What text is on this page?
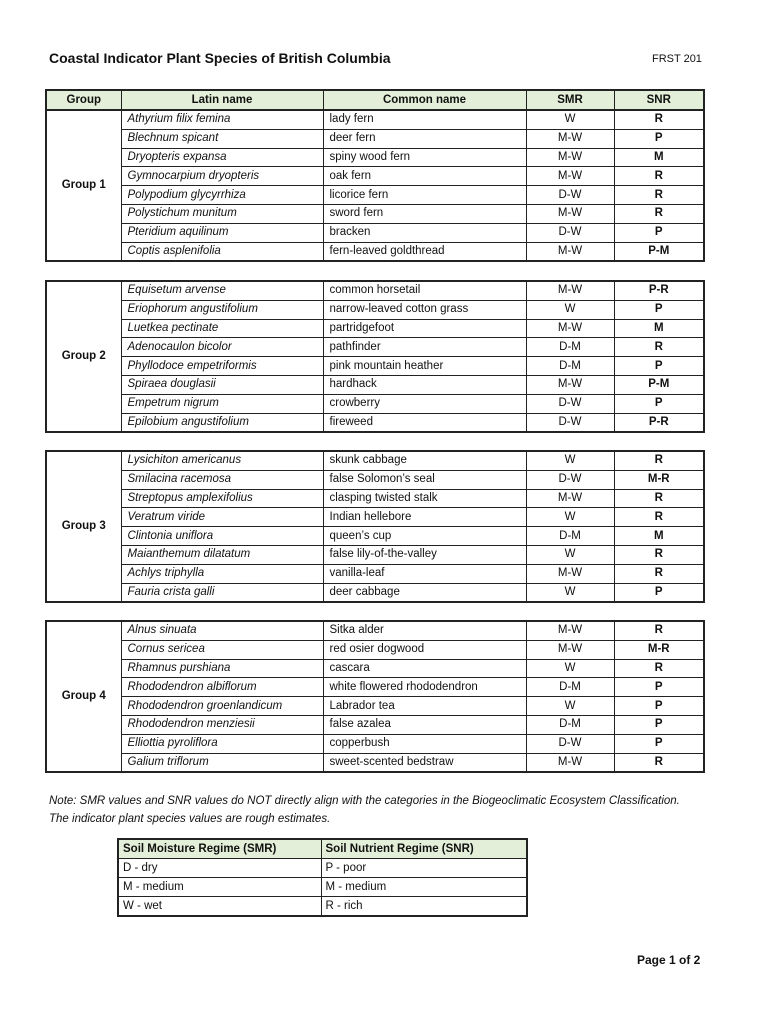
Coastal Indicator Plant Species of British Columbia	FRST 201
Group	Latin name	Common name	SMR	SNR
Group 1	Athyrium filix femina	lady fern	W	R
	Blechnum spicant	deer fern	M-W	P
	Dryopteris expansa	spiny wood fern	M-W	M
	Gymnocarpium dryopteris	oak fern	M-W	R
	Polypodium glycyrrhiza	licorice fern	D-W	R
	Polystichum munitum	sword fern	M-W	R
	Pteridium aquilinum	bracken	D-W	P
	Coptis asplenifolia	fern-leaved goldthread	M-W	P-M
Group 2	Equisetum arvense	common horsetail	M-W	P-R
	Eriophorum angustifolium	narrow-leaved cotton grass	W	P
	Luetkea pectinate	partridgefoot	M-W	M
	Adenocaulon bicolor	pathfinder	D-M	R
	Phyllodoce empetriformis	pink mountain heather	D-M	P
	Spiraea douglasii	hardhack	M-W	P-M
	Empetrum nigrum	crowberry	D-W	P
	Epilobium angustifolium	fireweed	D-W	P-R
Group 3	Lysichiton americanus	skunk cabbage	W	R
	Smilacina racemosa	false Solomon’s seal	D-W	M-R
	Streptopus amplexifolius	clasping twisted stalk	M-W	R
	Veratrum viride	Indian hellebore	W	R
	Clintonia uniflora	queen’s cup	D-M	M
	Maianthemum dilatatum	false lily-of-the-valley	W	R
	Achlys triphylla	vanilla-leaf	M-W	R
	Fauria crista galli	deer cabbage	W	P
Group 4	Alnus sinuata	Sitka alder	M-W	R
	Cornus sericea	red osier dogwood	M-W	M-R
	Rhamnus purshiana	cascara	W	R
	Rhododendron albiflorum	white flowered rhododendron	D-M	P
	Rhododendron groenlandicum	Labrador tea	W	P
	Rhododendron menziesii	false azalea	D-M	P
	Elliottia pyroliflora	copperbush	D-W	P
	Galium triflorum	sweet-scented bedstraw	M-W	R
Note: SMR values and SNR values do NOT directly align with the categories in the Biogeoclimatic Ecosystem Classification. The indicator plant species values are rough estimates.
Soil Moisture Regime (SMR)	Soil Nutrient Regime (SNR)
D - dry	P - poor
M - medium	M - medium
W - wet	R - rich
Page 1 of 2
